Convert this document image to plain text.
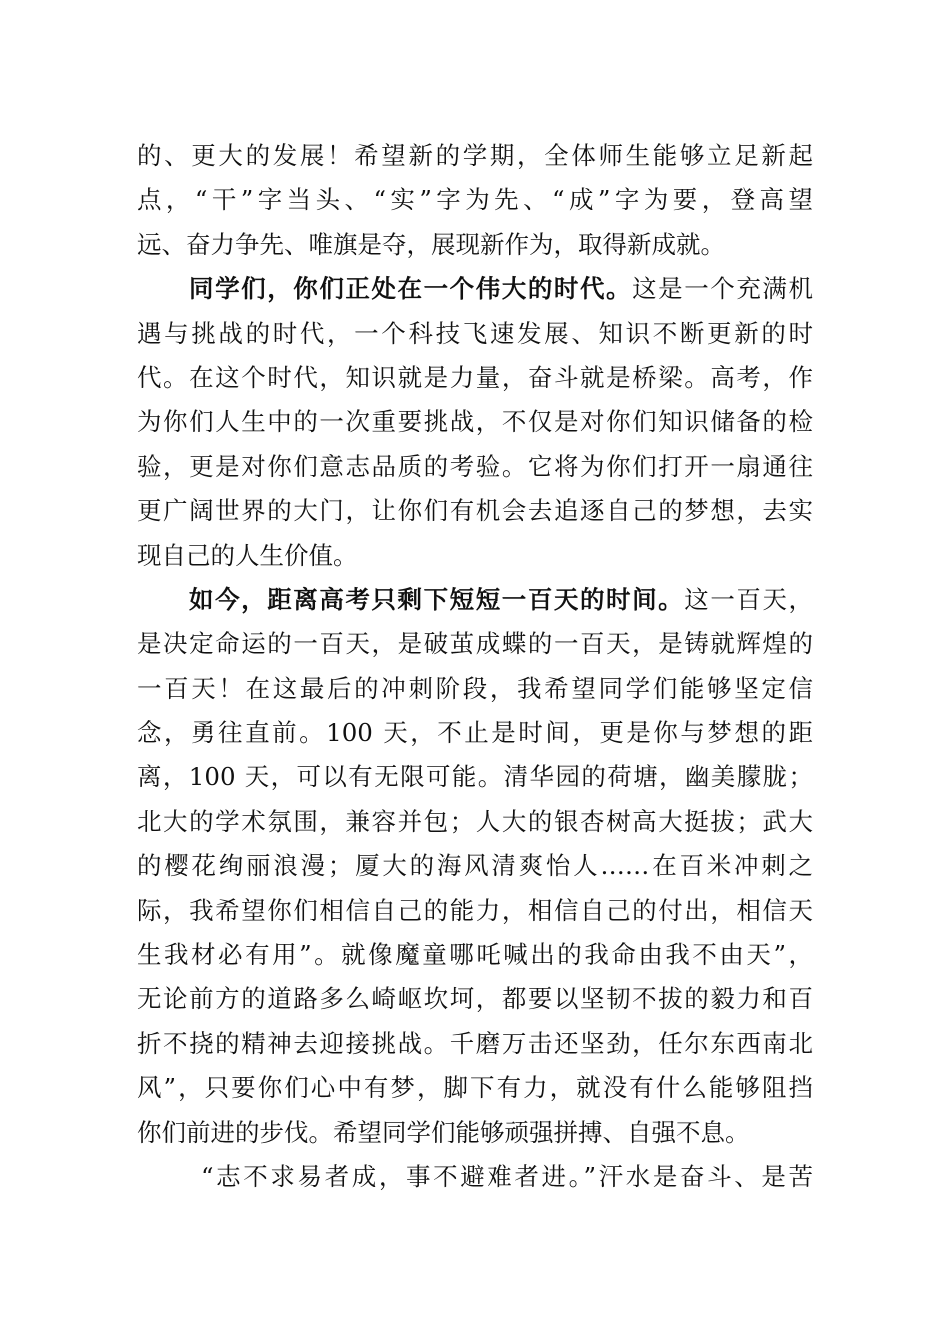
的、更大的发展！希望新的学期，全体师生能够立足新起
点，“干”字当头、“实”字为先、“成”字为要，登高望
远、奋力争先、唯旗是夺，展现新作为，取得新成就。
同学们，你们正处在一个伟大的时代。这是一个充满机
遇与挑战的时代，一个科技飞速发展、知识不断更新的时
代。在这个时代，知识就是力量，奋斗就是桥梁。高考，作
为你们人生中的一次重要挑战，不仅是对你们知识储备的检
验，更是对你们意志品质的考验。它将为你们打开一扇通往
更广阔世界的大门，让你们有机会去追逐自己的梦想，去实
现自己的人生价值。
如今，距离高考只剩下短短一百天的时间。这一百天，
是决定命运的一百天，是破茧成蝶的一百天，是铸就辉煌的
一百天！在这最后的冲刺阶段，我希望同学们能够坚定信
念，勇往直前。100 天，不止是时间，更是你与梦想的距
离，100 天，可以有无限可能。清华园的荷塘，幽美朦胧；
北大的学术氛围，兼容并包；人大的银杏树高大挺拔；武大
的樱花绚丽浪漫；厦大的海风清爽怡人……在百米冲刺之
际，我希望你们相信自己的能力，相信自己的付出，相信天
生我材必有用”。就像魔童哪吒喊出的我命由我不由天”，
无论前方的道路多么崎岖坎坷，都要以坚韧不拔的毅力和百
折不挠的精神去迎接挑战。千磨万击还坚劲，任尔东西南北
风”，只要你们心中有梦，脚下有力，就没有什么能够阻挡
你们前进的步伐。希望同学们能够顽强拼搏、自强不息。
“志不求易者成，事不避难者进。”汗水是奋斗、是苦
